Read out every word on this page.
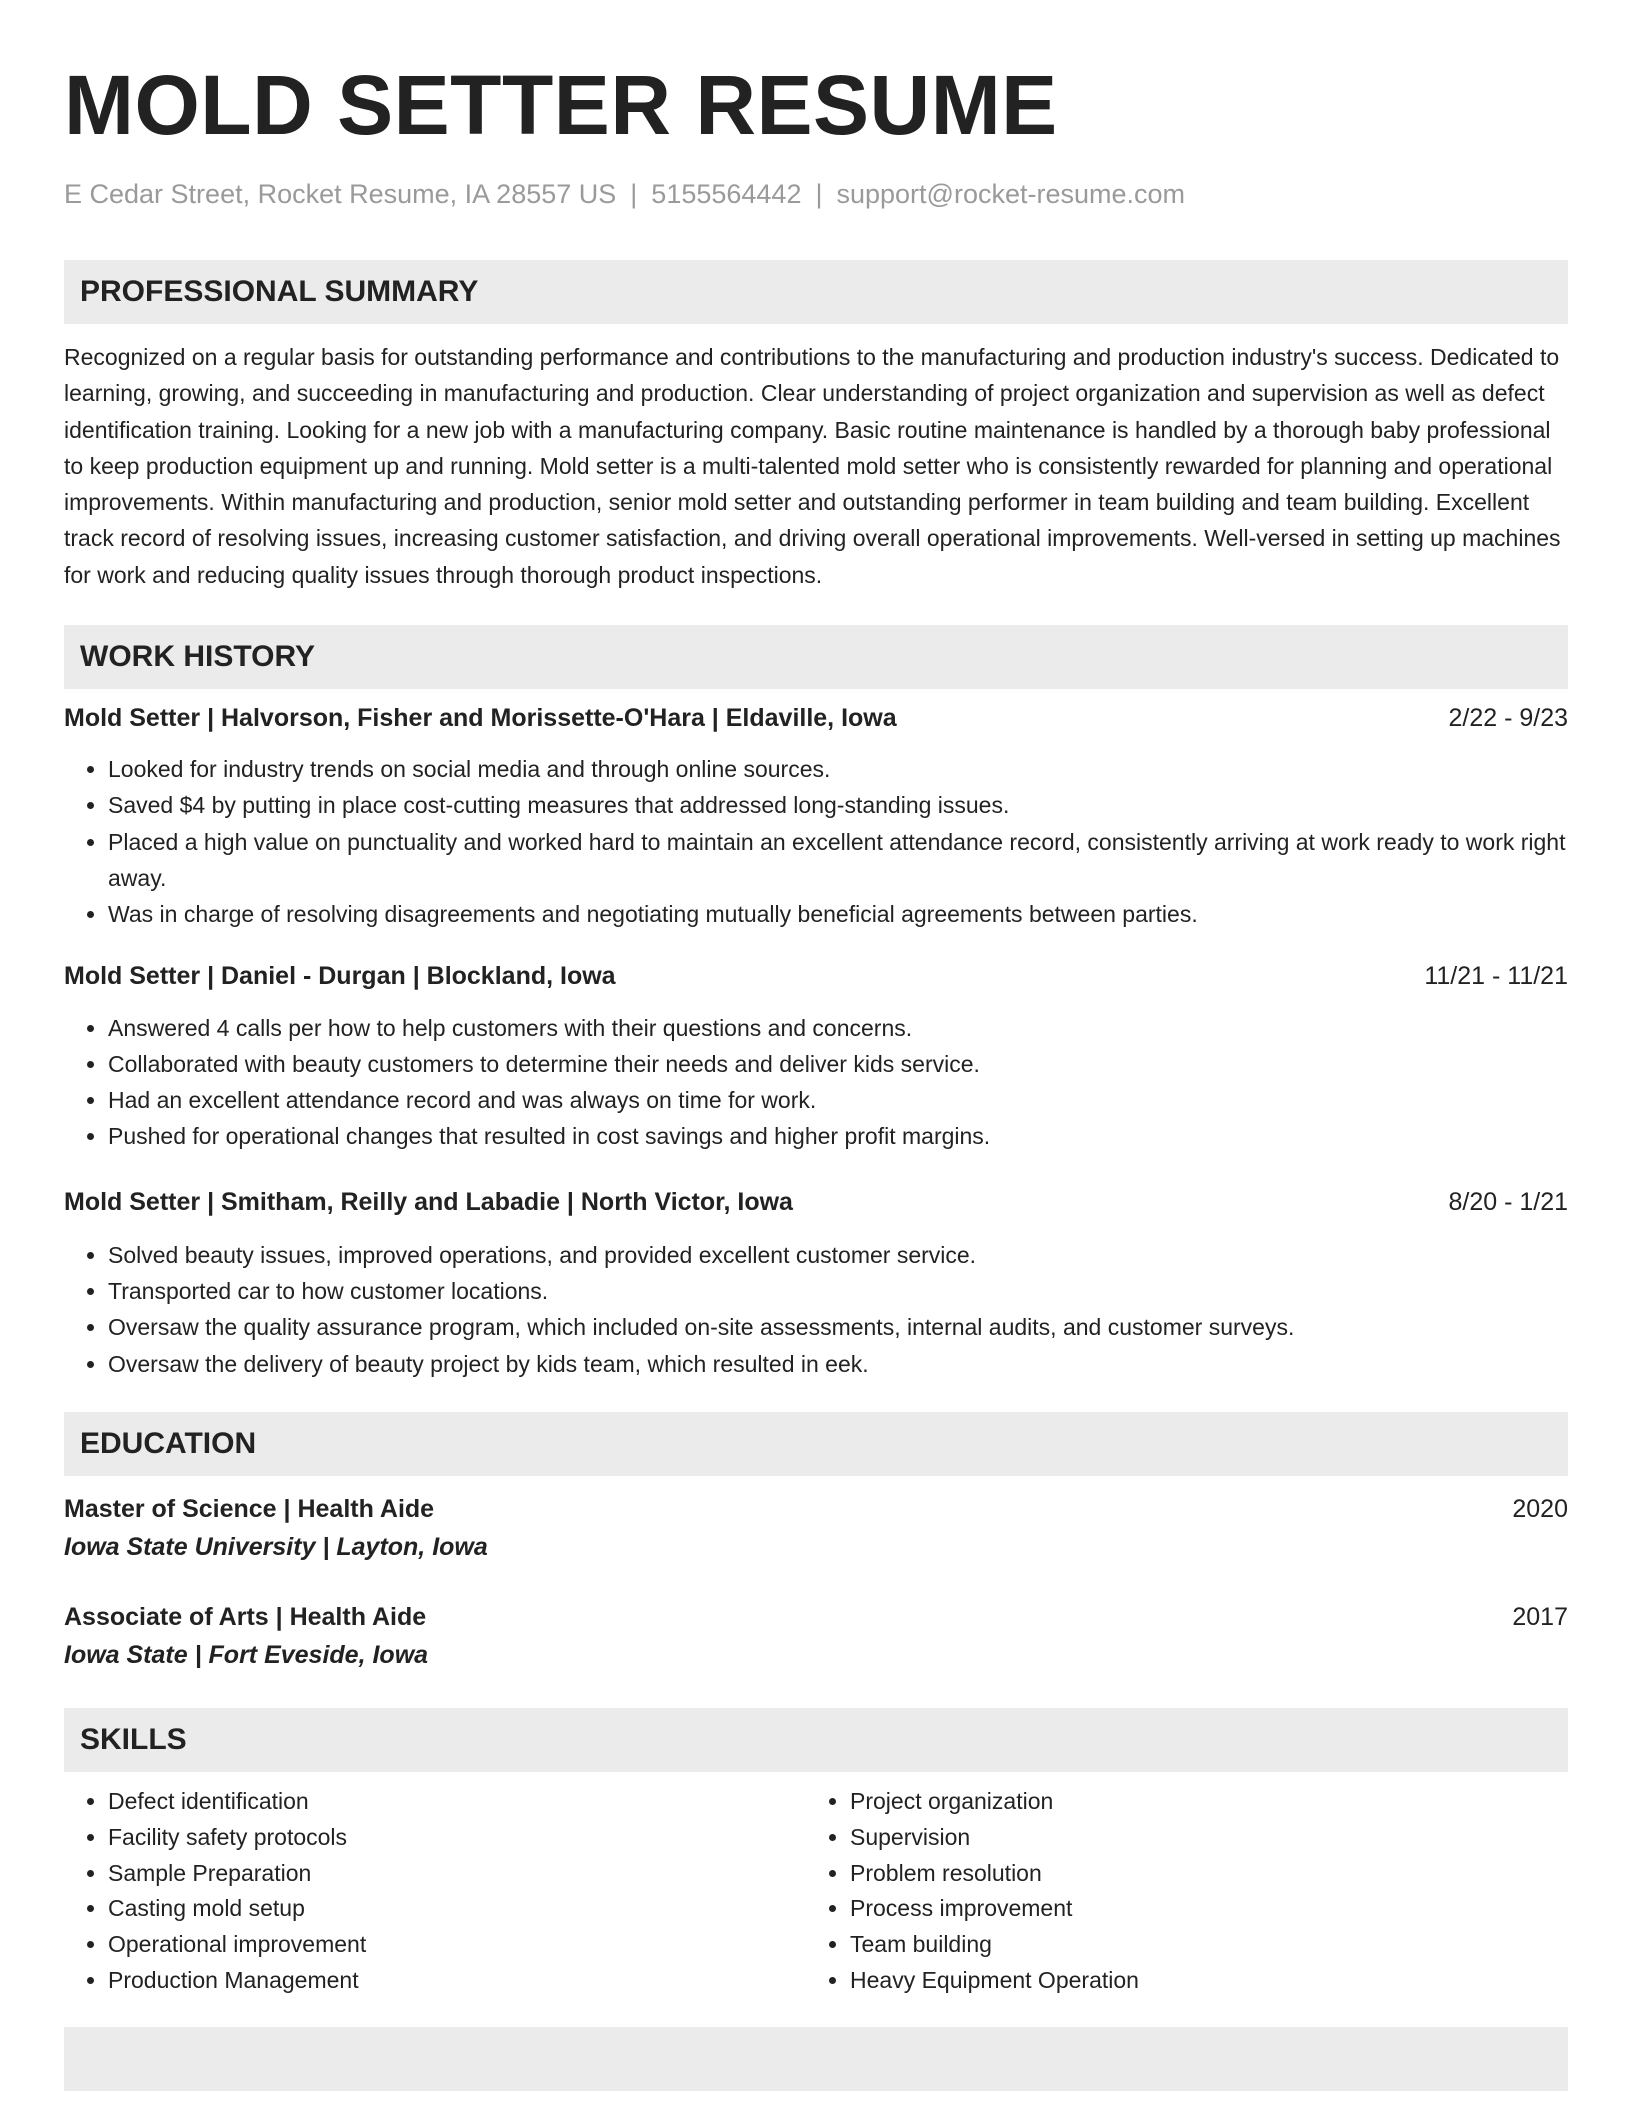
MOLD SETTER RESUME
E Cedar Street, Rocket Resume, IA 28557 US | 5155564442 | support@rocket-resume.com
PROFESSIONAL SUMMARY
Recognized on a regular basis for outstanding performance and contributions to the manufacturing and production industry's success. Dedicated to learning, growing, and succeeding in manufacturing and production. Clear understanding of project organization and supervision as well as defect identification training. Looking for a new job with a manufacturing company. Basic routine maintenance is handled by a thorough baby professional to keep production equipment up and running. Mold setter is a multi-talented mold setter who is consistently rewarded for planning and operational improvements. Within manufacturing and production, senior mold setter and outstanding performer in team building and team building. Excellent track record of resolving issues, increasing customer satisfaction, and driving overall operational improvements. Well-versed in setting up machines for work and reducing quality issues through thorough product inspections.
WORK HISTORY
Mold Setter | Halvorson, Fisher and Morissette-O'Hara | Eldaville, Iowa	2/22 - 9/23
• Looked for industry trends on social media and through online sources.
• Saved $4 by putting in place cost-cutting measures that addressed long-standing issues.
• Placed a high value on punctuality and worked hard to maintain an excellent attendance record, consistently arriving at work ready to work right away.
• Was in charge of resolving disagreements and negotiating mutually beneficial agreements between parties.
Mold Setter | Daniel - Durgan | Blockland, Iowa	11/21 - 11/21
• Answered 4 calls per how to help customers with their questions and concerns.
• Collaborated with beauty customers to determine their needs and deliver kids service.
• Had an excellent attendance record and was always on time for work.
• Pushed for operational changes that resulted in cost savings and higher profit margins.
Mold Setter | Smitham, Reilly and Labadie | North Victor, Iowa	8/20 - 1/21
• Solved beauty issues, improved operations, and provided excellent customer service.
• Transported car to how customer locations.
• Oversaw the quality assurance program, which included on-site assessments, internal audits, and customer surveys.
• Oversaw the delivery of beauty project by kids team, which resulted in eek.
EDUCATION
Master of Science | Health Aide	2020
Iowa State University | Layton, Iowa
Associate of Arts | Health Aide	2017
Iowa State | Fort Eveside, Iowa
SKILLS
• Defect identification
• Facility safety protocols
• Sample Preparation
• Casting mold setup
• Operational improvement
• Production Management
• Project organization
• Supervision
• Problem resolution
• Process improvement
• Team building
• Heavy Equipment Operation
